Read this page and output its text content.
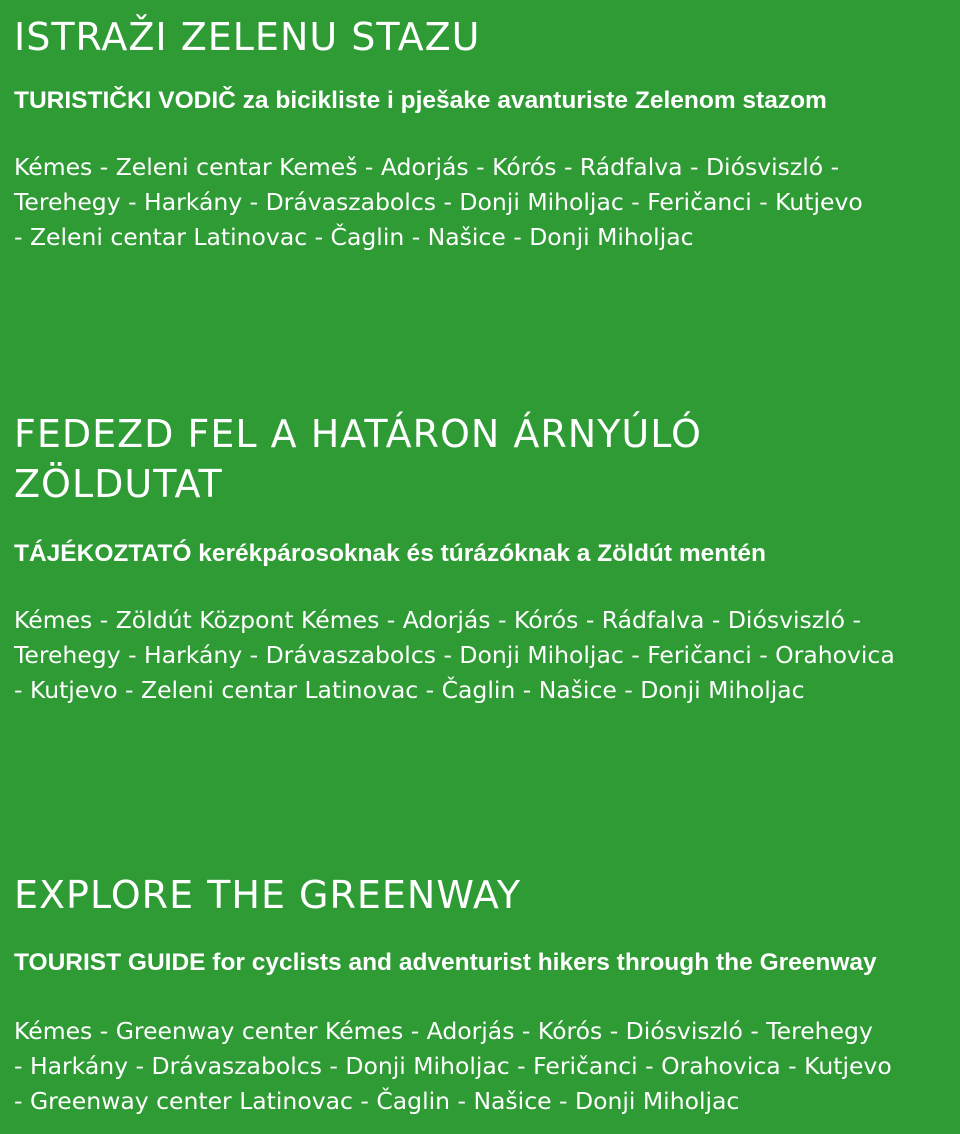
ISTRAŽI ZELENU STAZU

TURISTIČKI VODIČ za bicikliste i pješake avanturiste Zelenom stazom

Kémes - Zeleni centar Kemeš - Adorjás - Kórós - Rádfalva - Diósviszló -
Terehegy - Harkány - Drávaszabolcs - Donji Miholjac - Feričanci - Kutjevo
- Zeleni centar Latinovac - Čaglin - Našice - Donji Miholjac

FEDEZD FEL A HATÁRON ÁRNYÚLÓ
ZÖLDUTAT

TÁJÉKOZTATÓ kerékpárosoknak és túrázóknak a Zöldút mentén

Kémes - Zöldút Központ Kémes - Adorjás - Kórós - Rádfalva - Diósviszló -
Terehegy - Harkány - Drávaszabolcs - Donji Miholjac - Feričanci - Orahovica
- Kutjevo - Zeleni centar Latinovac - Čaglin - Našice - Donji Miholjac

EXPLORE THE GREENWAY

TOURIST GUIDE for cyclists and adventurist hikers through the Greenway

Kémes - Greenway center Kémes - Adorjás - Kórós - Diósviszló - Terehegy
- Harkány - Drávaszabolcs - Donji Miholjac - Feričanci - Orahovica - Kutjevo
- Greenway center Latinovac - Čaglin - Našice - Donji Miholjac
